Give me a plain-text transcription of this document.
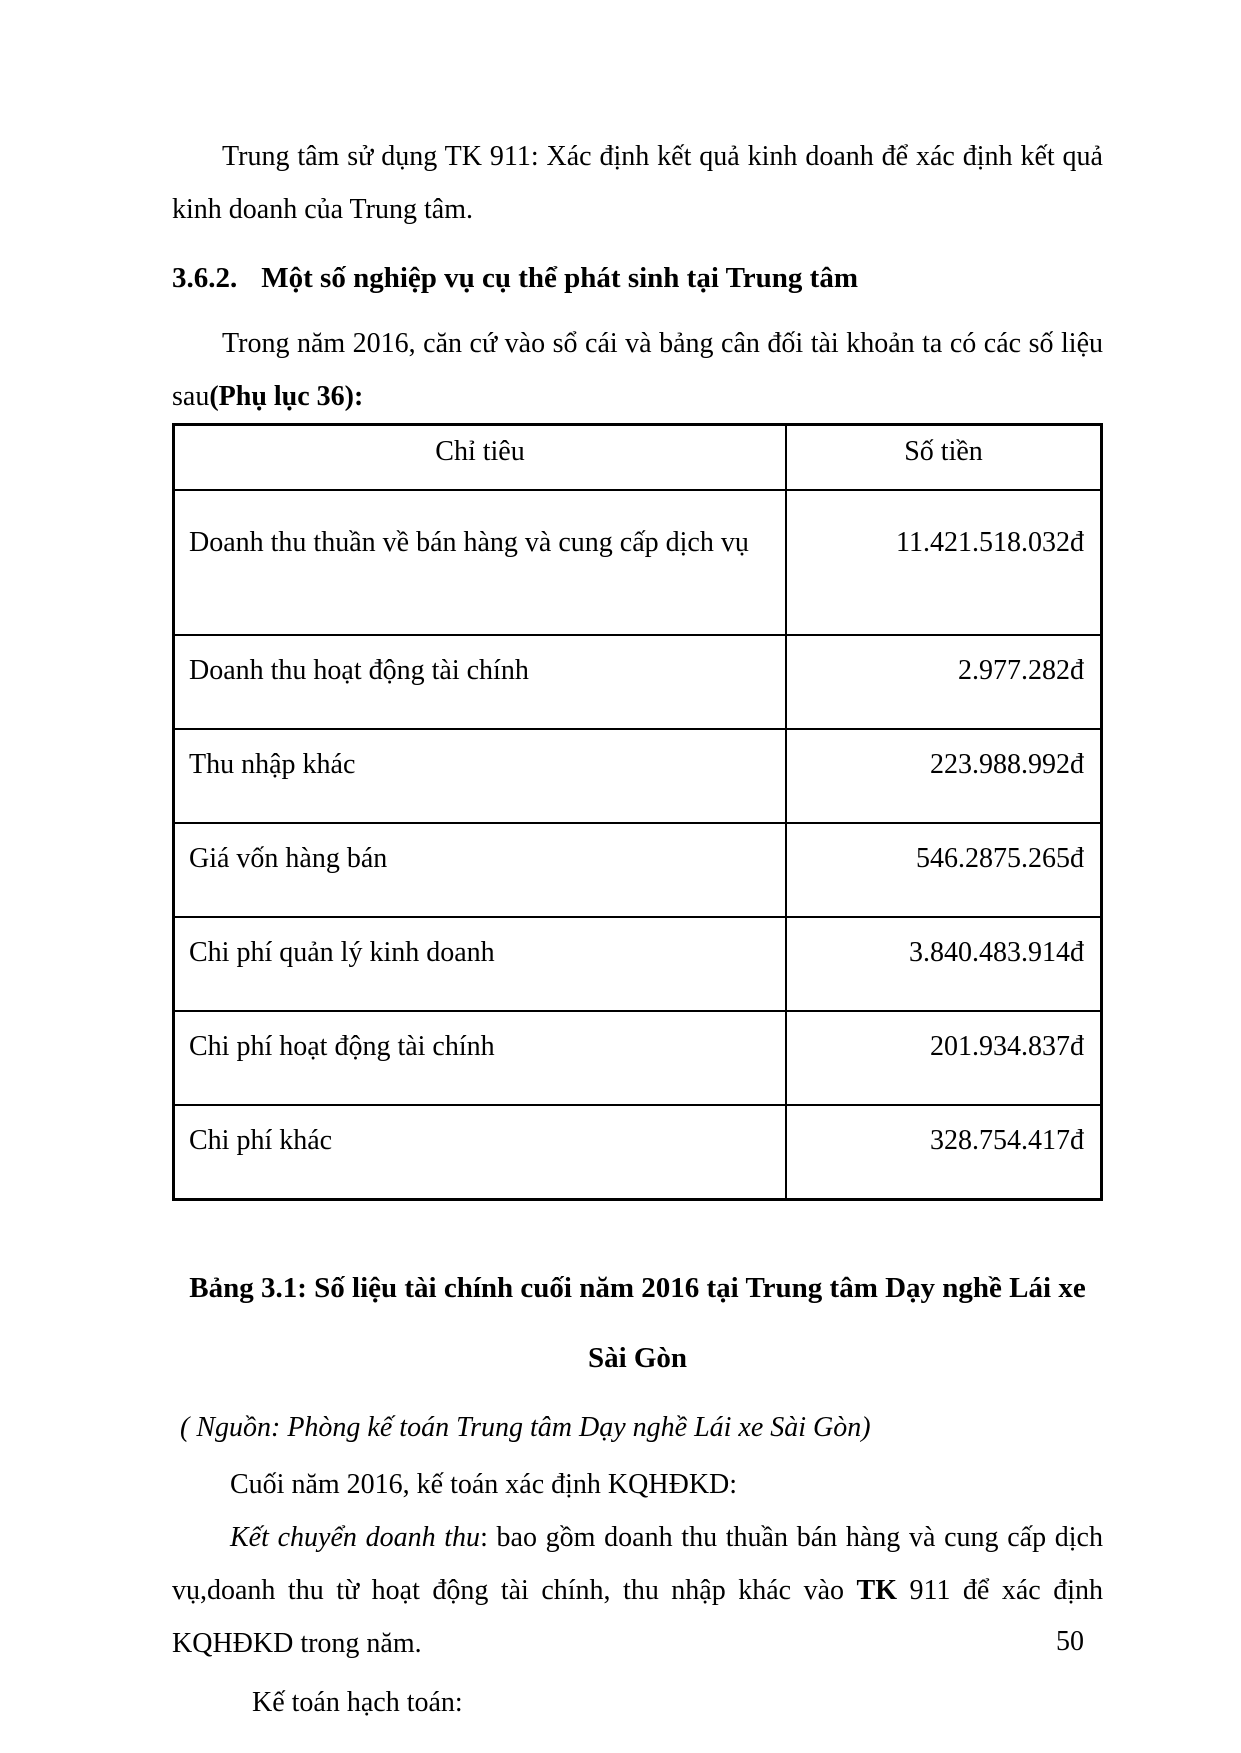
Trung tâm sử dụng TK 911: Xác định kết quả kinh doanh để xác định kết quả kinh doanh của Trung tâm.

3.6.2. Một số nghiệp vụ cụ thể phát sinh tại Trung tâm

Trong năm 2016, căn cứ vào sổ cái và bảng cân đối tài khoản ta có các số liệu sau(Phụ lục 36):

Chỉ tiêu	Số tiền
Doanh thu thuần về bán hàng và cung cấp dịch vụ	11.421.518.032đ
Doanh thu hoạt động tài chính	2.977.282đ
Thu nhập khác	223.988.992đ
Giá vốn hàng bán	546.2875.265đ
Chi phí quản lý kinh doanh	3.840.483.914đ
Chi phí hoạt động tài chính	201.934.837đ
Chi phí khác	328.754.417đ
Bảng 3.1: Số liệu tài chính cuối năm 2016 tại Trung tâm Dạy nghề Lái xe
Sài Gòn

( Nguồn: Phòng kế toán Trung tâm Dạy nghề Lái xe Sài Gòn)

Cuối năm 2016, kế toán xác định KQHĐKD:

Kết chuyển doanh thu: bao gồm doanh thu thuần bán hàng và cung cấp dịch vụ,doanh thu từ hoạt động tài chính, thu nhập khác vào TK 911 để xác định KQHĐKD trong năm.

Kế toán hạch toán:

50
